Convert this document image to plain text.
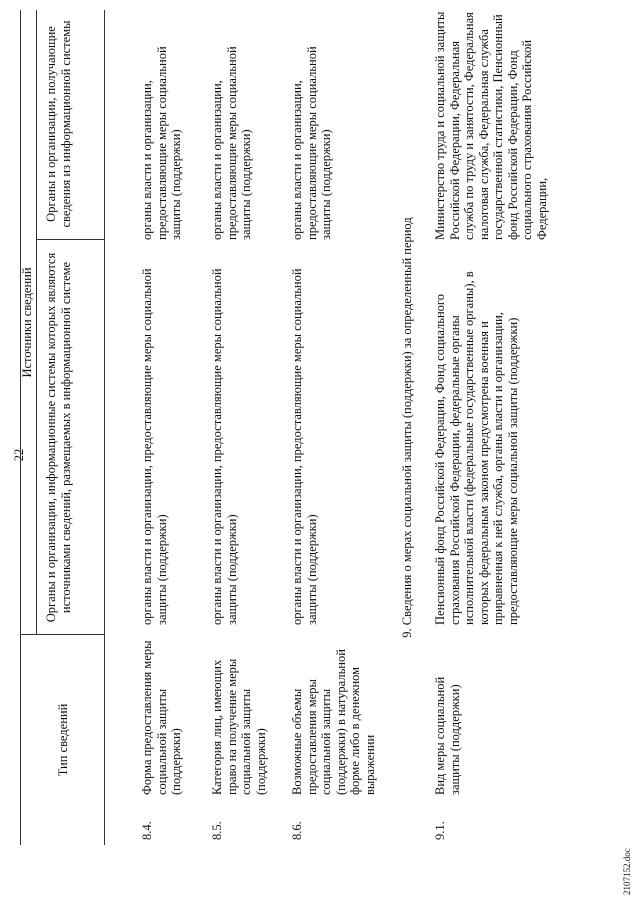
22
Тип сведений
Источники сведений Органы и организации, информационные системы которых являются источниками сведений, размещаемых в информационной системе
Органы и организации, получающие сведения из информационной системы
8.4.
Форма предоставления меры социальной защиты (поддержки)
органы власти и организации, предоставляющие меры социальной защиты (поддержки)
органы власти и организации, предоставляющие меры социальной защиты (поддержки)
8.5.
Категория лиц, имеющих право на получение меры социальной защиты (поддержки)
органы власти и организации, предоставляющие меры социальной защиты (поддержки)
органы власти и организации, предоставляющие меры социальной защиты (поддержки)
8.6.
Возможные объемы предоставления меры социальной защиты (поддержки) в натуральной форме либо в денежном выражении
органы власти и организации, предоставляющие меры социальной защиты (поддержки)
органы власти и организации, предоставляющие меры социальной защиты (поддержки)
9. Сведения о мерах социальной защиты (поддержки) за определенный период
9.1.
Вид меры социальной защиты (поддержки)
Пенсионный фонд Российской Федерации, Фонд социального страхования Российской Федерации, федеральные органы исполнительной власти (федеральные государственные органы), в которых федеральным законом предусмотрена военная и приравненная к ней служба, органы власти и организации, предоставляющие меры социальной защиты (поддержки)
Министерство труда и социальной защиты Российской Федерации, Федеральная служба по труду и занятости, Федеральная налоговая служба, Федеральная служба государственной статистики, Пенсионный фонд Российской Федерации, Фонд социального страхования Российской Федерации,
2107152.doc
